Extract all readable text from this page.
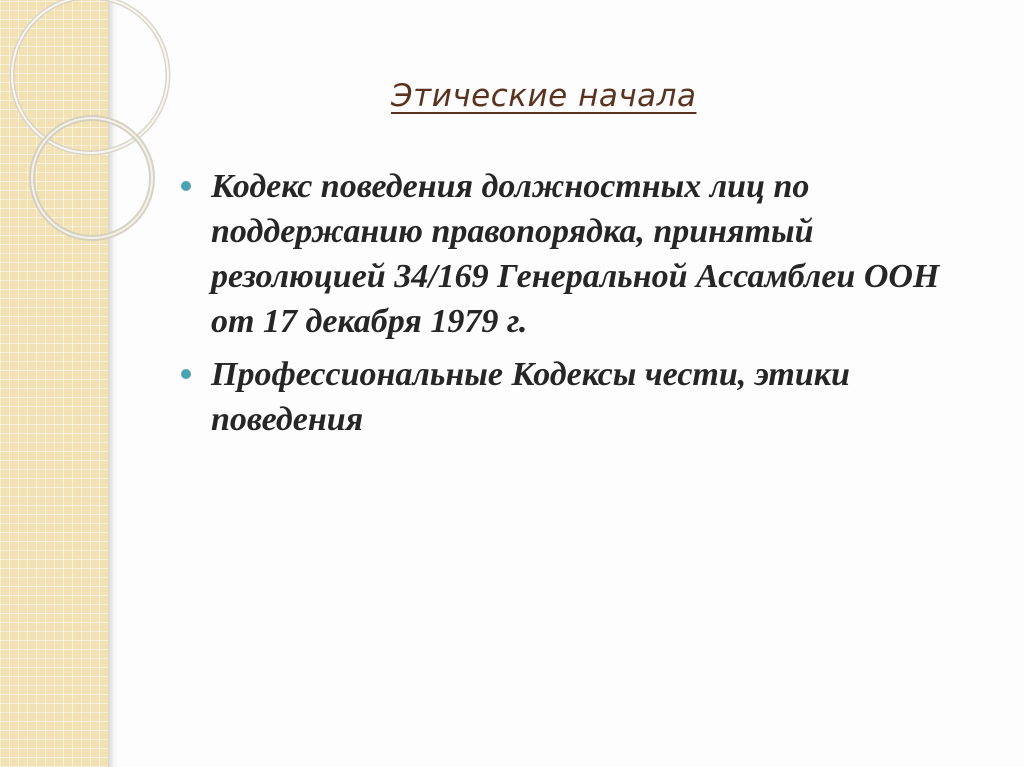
Этические начала
Кодекс поведения должностных лиц по поддержанию правопорядка, принятый резолюцией 34/169 Генеральной Ассамблеи ООН от 17 декабря 1979 г.
Профессиональные Кодексы чести, этики поведения
